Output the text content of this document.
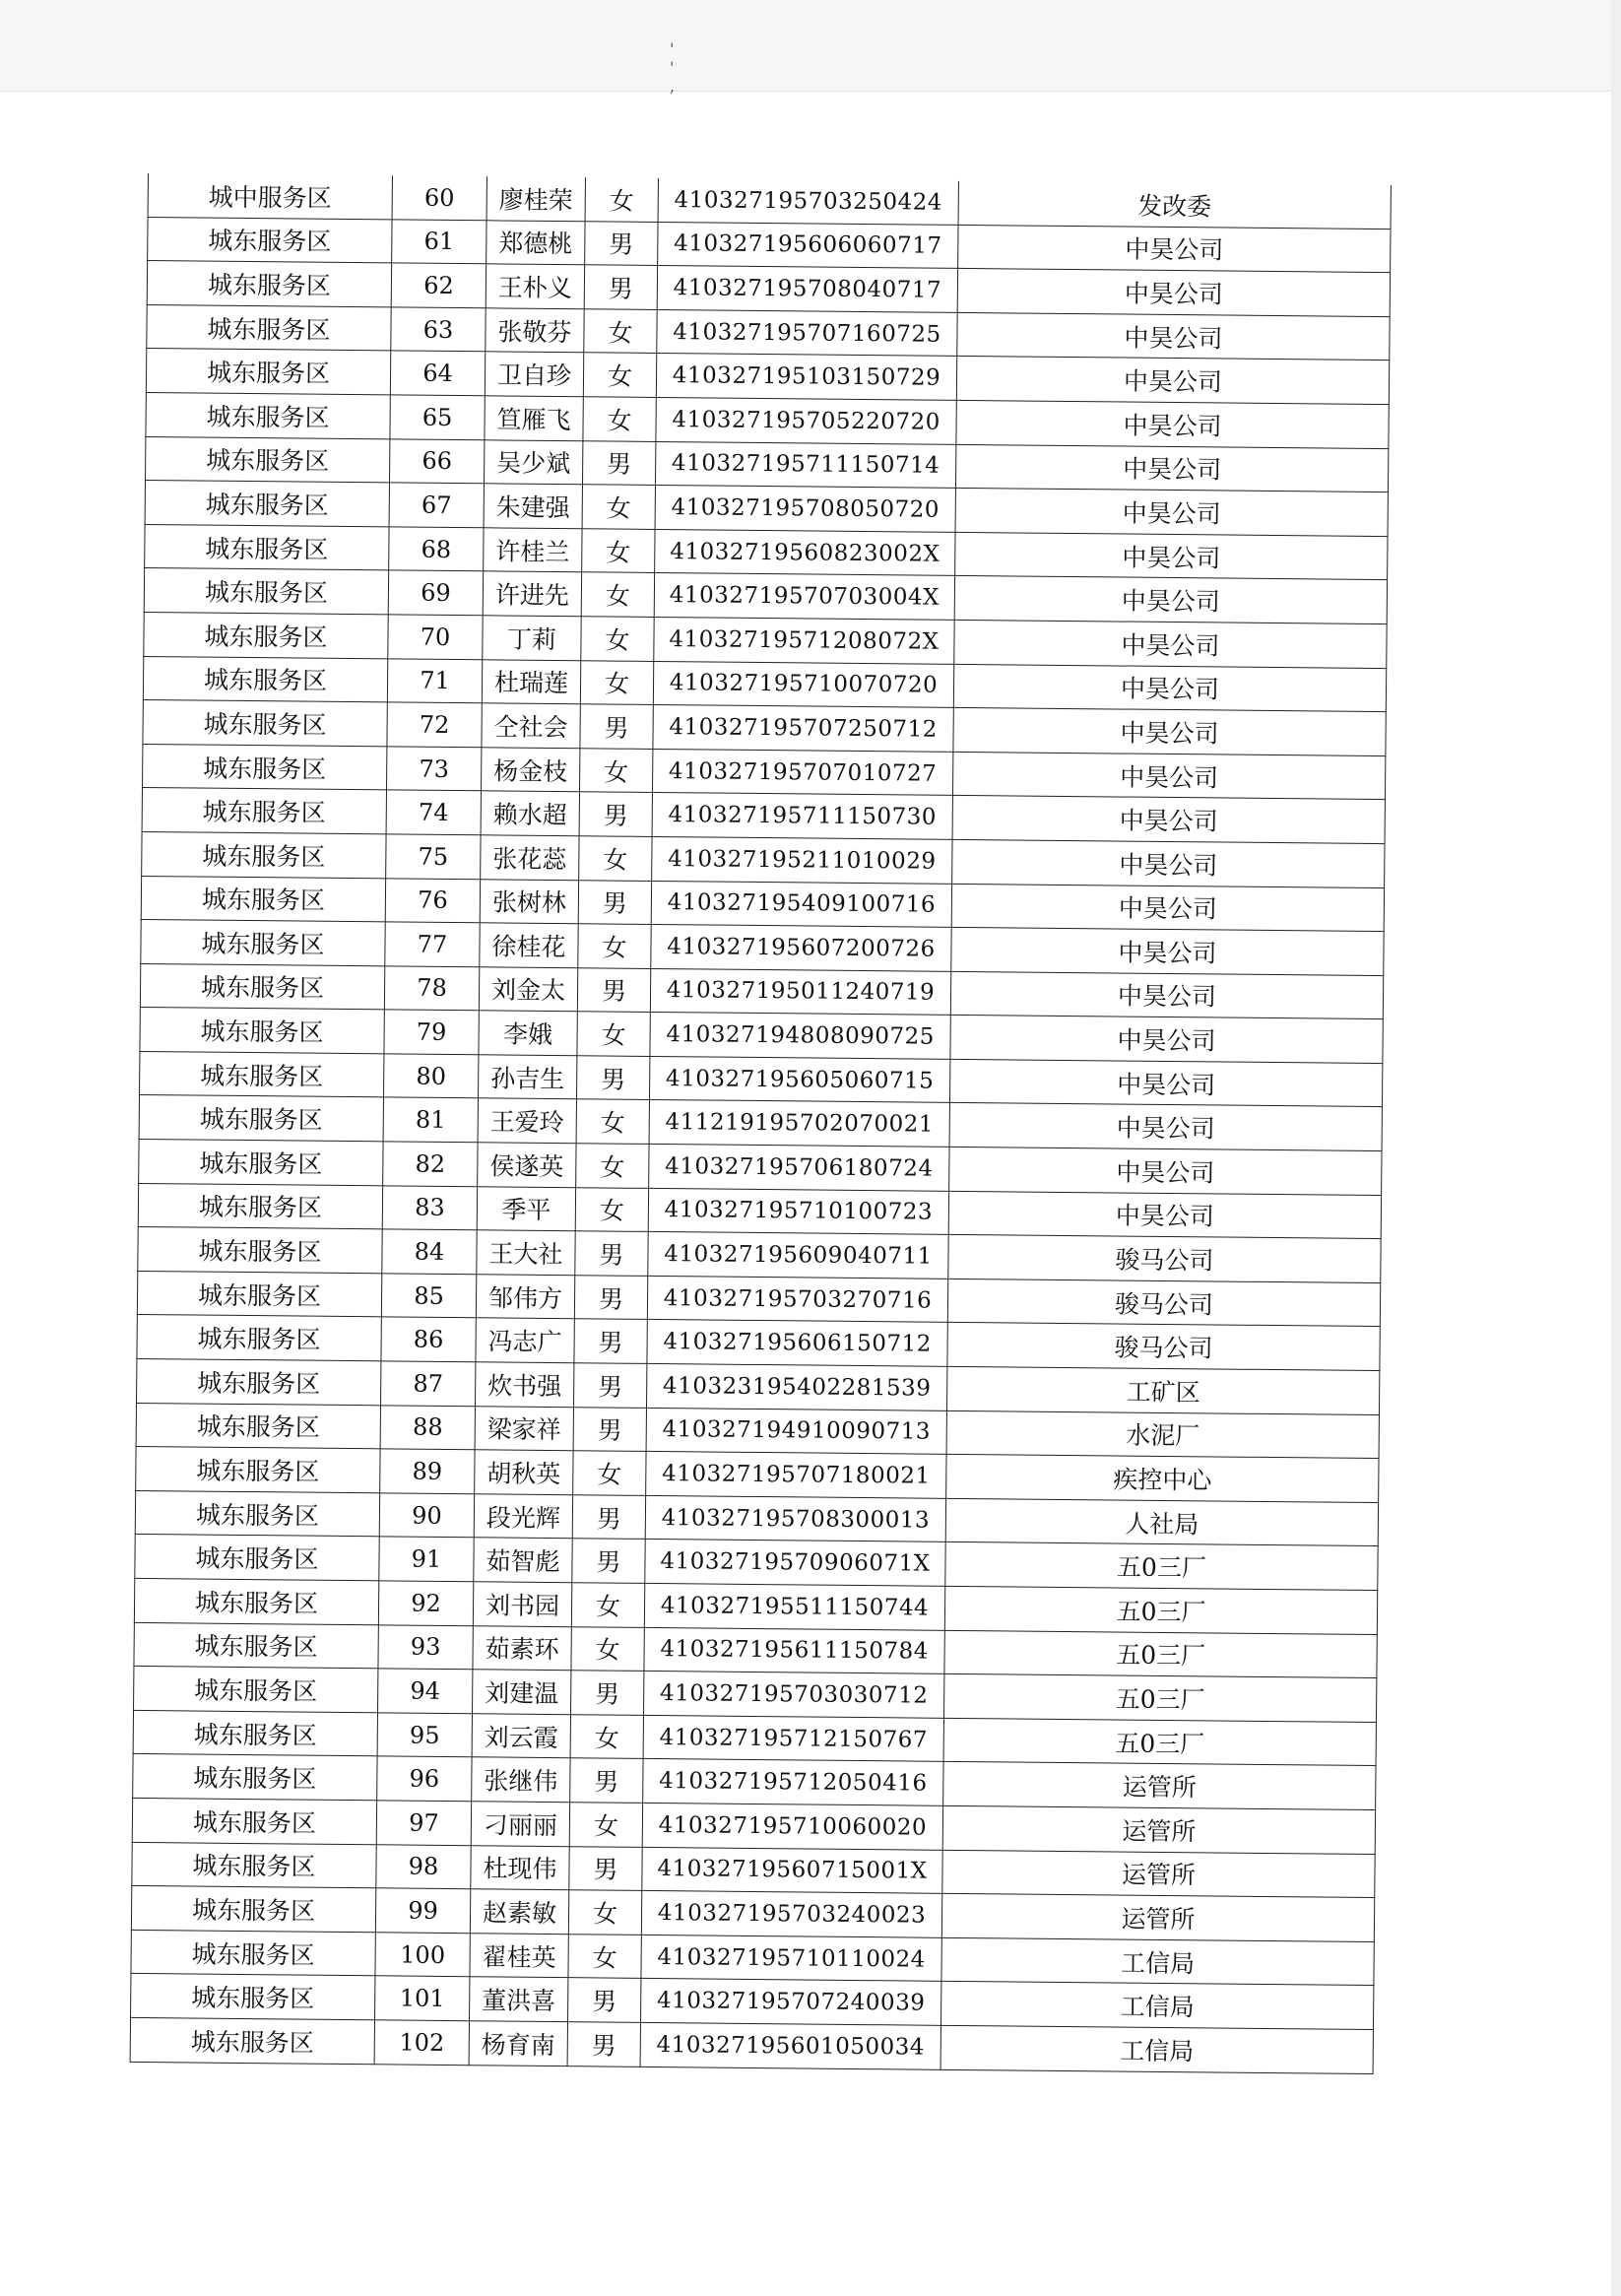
' ' ,
城中服务区	60	廖桂荣	女	410327195703250424	发改委
城东服务区	61	郑德桃	男	410327195606060717	中昊公司
城东服务区	62	王朴义	男	410327195708040717	中昊公司
城东服务区	63	张敬芬	女	410327195707160725	中昊公司
城东服务区	64	卫自珍	女	410327195103150729	中昊公司
城东服务区	65	笪雁飞	女	410327195705220720	中昊公司
城东服务区	66	吴少斌	男	410327195711150714	中昊公司
城东服务区	67	朱建强	女	410327195708050720	中昊公司
城东服务区	68	许桂兰	女	41032719560823002X	中昊公司
城东服务区	69	许进先	女	41032719570703004X	中昊公司
城东服务区	70	丁莉	女	41032719571208072X	中昊公司
城东服务区	71	杜瑞莲	女	410327195710070720	中昊公司
城东服务区	72	仝社会	男	410327195707250712	中昊公司
城东服务区	73	杨金枝	女	410327195707010727	中昊公司
城东服务区	74	赖水超	男	410327195711150730	中昊公司
城东服务区	75	张花蕊	女	410327195211010029	中昊公司
城东服务区	76	张树林	男	410327195409100716	中昊公司
城东服务区	77	徐桂花	女	410327195607200726	中昊公司
城东服务区	78	刘金太	男	410327195011240719	中昊公司
城东服务区	79	李娥	女	410327194808090725	中昊公司
城东服务区	80	孙吉生	男	410327195605060715	中昊公司
城东服务区	81	王爱玲	女	411219195702070021	中昊公司
城东服务区	82	侯遂英	女	410327195706180724	中昊公司
城东服务区	83	季平	女	410327195710100723	中昊公司
城东服务区	84	王大社	男	410327195609040711	骏马公司
城东服务区	85	邹伟方	男	410327195703270716	骏马公司
城东服务区	86	冯志广	男	410327195606150712	骏马公司
城东服务区	87	炊书强	男	410323195402281539	工矿区
城东服务区	88	梁家祥	男	410327194910090713	水泥厂
城东服务区	89	胡秋英	女	410327195707180021	疾控中心
城东服务区	90	段光辉	男	410327195708300013	人社局
城东服务区	91	茹智彪	男	41032719570906071X	五0三厂
城东服务区	92	刘书园	女	410327195511150744	五0三厂
城东服务区	93	茹素环	女	410327195611150784	五0三厂
城东服务区	94	刘建温	男	410327195703030712	五0三厂
城东服务区	95	刘云霞	女	410327195712150767	五0三厂
城东服务区	96	张继伟	男	410327195712050416	运管所
城东服务区	97	刁丽丽	女	410327195710060020	运管所
城东服务区	98	杜现伟	男	41032719560715001X	运管所
城东服务区	99	赵素敏	女	410327195703240023	运管所
城东服务区	100	翟桂英	女	410327195710110024	工信局
城东服务区	101	董洪喜	男	410327195707240039	工信局
城东服务区	102	杨育南	男	410327195601050034	工信局
